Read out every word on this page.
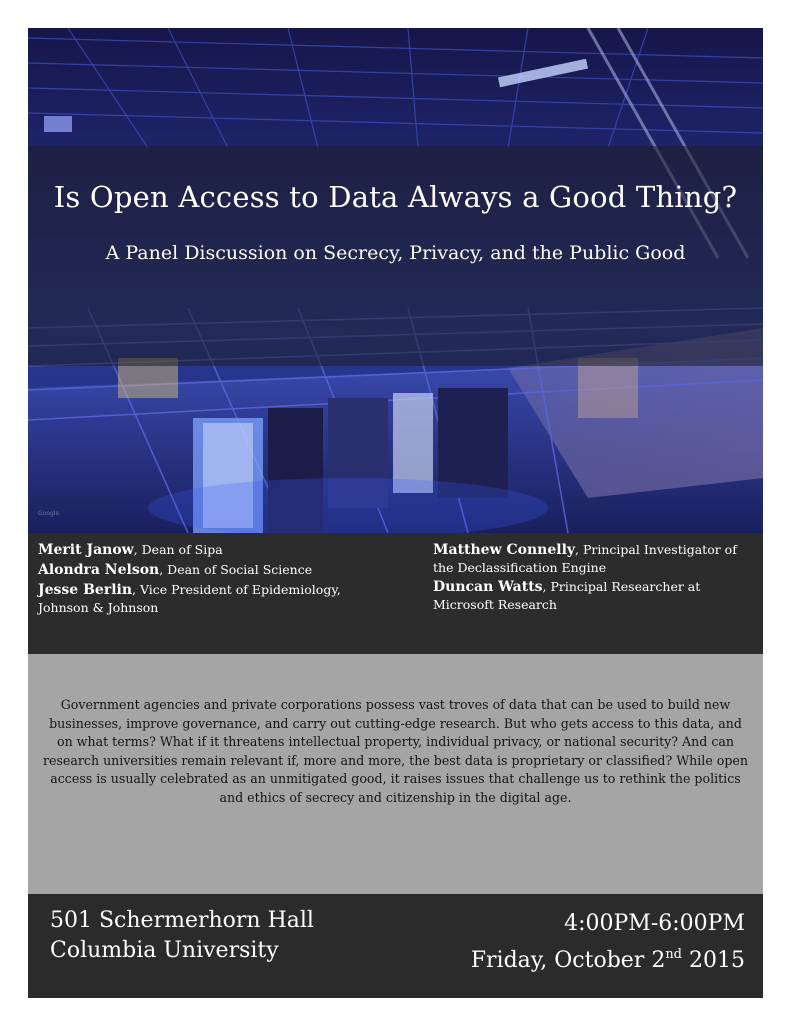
Is Open Access to Data Always a Good Thing?
A Panel Discussion on Secrecy, Privacy, and the Public Good
Google
Merit Janow, Dean of Sipa
Alondra Nelson, Dean of Social Science
Jesse Berlin, Vice President of Epidemiology,
Johnson & Johnson
Matthew Connelly, Principal Investigator of
the Declassification Engine
Duncan Watts, Principal Researcher at
Microsoft Research
Government agencies and private corporations possess vast troves of data that can be used to build new businesses, improve governance, and carry out cutting-edge research. But who gets access to this data, and on what terms? What if it threatens intellectual property, individual privacy, or national security? And can research universities remain relevant if, more and more, the best data is proprietary or classified? While open access is usually celebrated as an unmitigated good, it raises issues that challenge us to rethink the politics and ethics of secrecy and citizenship in the digital age.
501 Schermerhorn Hall
Columbia University
4:00PM-6:00PM
Friday, October 2nd 2015
